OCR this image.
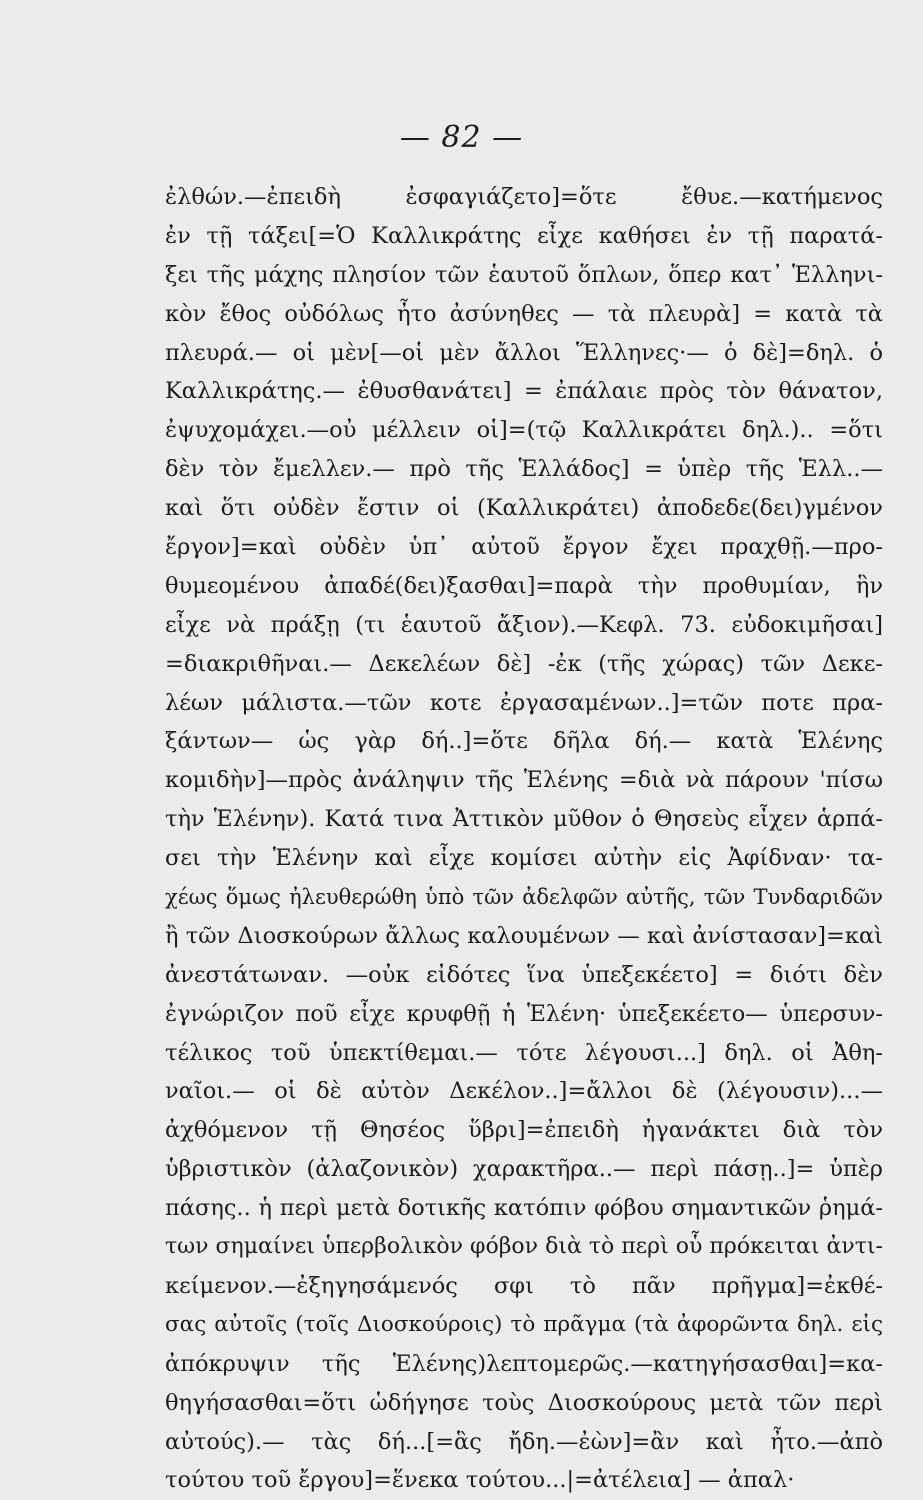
— 82 —
ἐλθών.—ἐπειδὴ ἐσφαγιάζετο]=ὅτε ἔθυε.—κατήμενος
ἐν τῇ τάξει[=Ὁ Καλλικράτης εἶχε καθήσει ἐν τῇ παρατά-
ξει τῆς μάχης πλησίον τῶν ἑαυτοῦ ὅπλων, ὅπερ κατ᾽ Ἑλληνι-
κὸν ἔθος οὐδόλως ἦτο ἀσύνηθες — τὰ πλευρὰ] = κατὰ τὰ
πλευρά.— οἱ μὲν[—οἱ μὲν ἄλλοι Ἕλληνες·— ὁ δὲ]=δηλ. ὁ
Καλλικράτης.— ἐθυσθανάτει] = ἐπάλαιε πρὸς τὸν θάνατον,
ἐψυχομάχει.—οὐ μέλλειν οἱ]=(τῷ Καλλικράτει δηλ.).. =ὅτι
δὲν τὸν ἔμελλεν.— πρὸ τῆς Ἑλλάδος] = ὑπὲρ τῆς Ἑλλ..—
καὶ ὅτι οὐδὲν ἔστιν οἱ (Καλλικράτει) ἀποδεδε(δει)γμένον
ἔργον]=καὶ οὐδὲν ὑπ᾽ αὐτοῦ ἔργον ἔχει πραχθῇ.—προ-
θυμεομένου ἀπαδέ(δει)ξασθαι]=παρὰ τὴν προθυμίαν, ἣν
εἶχε νὰ πράξῃ (τι ἑαυτοῦ ἄξιον).—Κεφλ. 73. εὐδοκιμῆσαι]
=διακριθῆναι.— Δεκελέων δὲ] -ἐκ (τῆς χώρας) τῶν Δεκε-
λέων μάλιστα.—τῶν κοτε ἐργασαμένων..]=τῶν ποτε πρα-
ξάντων— ὡς γὰρ δή..]=ὅτε δῆλα δή.— κατὰ Ἑλένης
κομιδὴν]—πρὸς ἀνάληψιν τῆς Ἑλένης =διὰ νὰ πάρουν 'πίσω
τὴν Ἑλένην). Κατά τινα Ἀττικὸν μῦθον ὁ Θησεὺς εἶχεν ἁρπά-
σει τὴν Ἑλένην καὶ εἶχε κομίσει αὐτὴν εἰς Ἀφίδναν· τα-
χέως ὅμως ἠλευθερώθη ὑπὸ τῶν ἀδελφῶν αὐτῆς, τῶν Τυνδαριδῶν
ἢ τῶν Διοσκούρων ἄλλως καλουμένων — καὶ ἀνίστασαν]=καὶ
ἀνεστάτωναν. —οὐκ εἰδότες ἵνα ὑπεξεκέετο] = διότι δὲν
ἐγνώριζον ποῦ εἶχε κρυφθῇ ἡ Ἑλένη· ὑπεξεκέετο— ὑπερσυν-
τέλικος τοῦ ὑπεκτίθεμαι.— τότε λέγουσι...] δηλ. οἱ Ἀθη-
ναῖοι.— οἱ δὲ αὐτὸν Δεκέλον..]=ἄλλοι δὲ (λέγουσιν)...—
ἀχθόμενον τῇ Θησέος ὕβρι]=ἐπειδὴ ἠγανάκτει διὰ τὸν
ὑβριστικὸν (ἀλαζονικὸν) χαρακτῆρα..— περὶ πάσῃ..]= ὑπὲρ
πάσης.. ἡ περὶ μετὰ δοτικῆς κατόπιν φόβου σημαντικῶν ῥημά-
των σημαίνει ὑπερβολικὸν φόβον διὰ τὸ περὶ οὗ πρόκειται ἀντι-
κείμενον.—ἐξηγησάμενός σφι τὸ πᾶν πρῆγμα]=ἐκθέ-
σας αὐτοῖς (τοῖς Διοσκούροις) τὸ πρᾶγμα (τὰ ἀφορῶντα δηλ. εἰς
ἀπόκρυψιν τῆς Ἑλένης)λεπτομερῶς.—κατηγήσασθαι]=κα-
θηγήσασθαι=ὅτι ὡδήγησε τοὺς Διοσκούρους μετὰ τῶν περὶ
αὐτούς).— τὰς δή...[=ἃς ἤδη.—ἐὼν]=ἂν καὶ ἦτο.—ἀπὸ
τούτου τοῦ ἔργου]=ἕνεκα τούτου...|=ἀτέλεια] — ἀπαλ·
